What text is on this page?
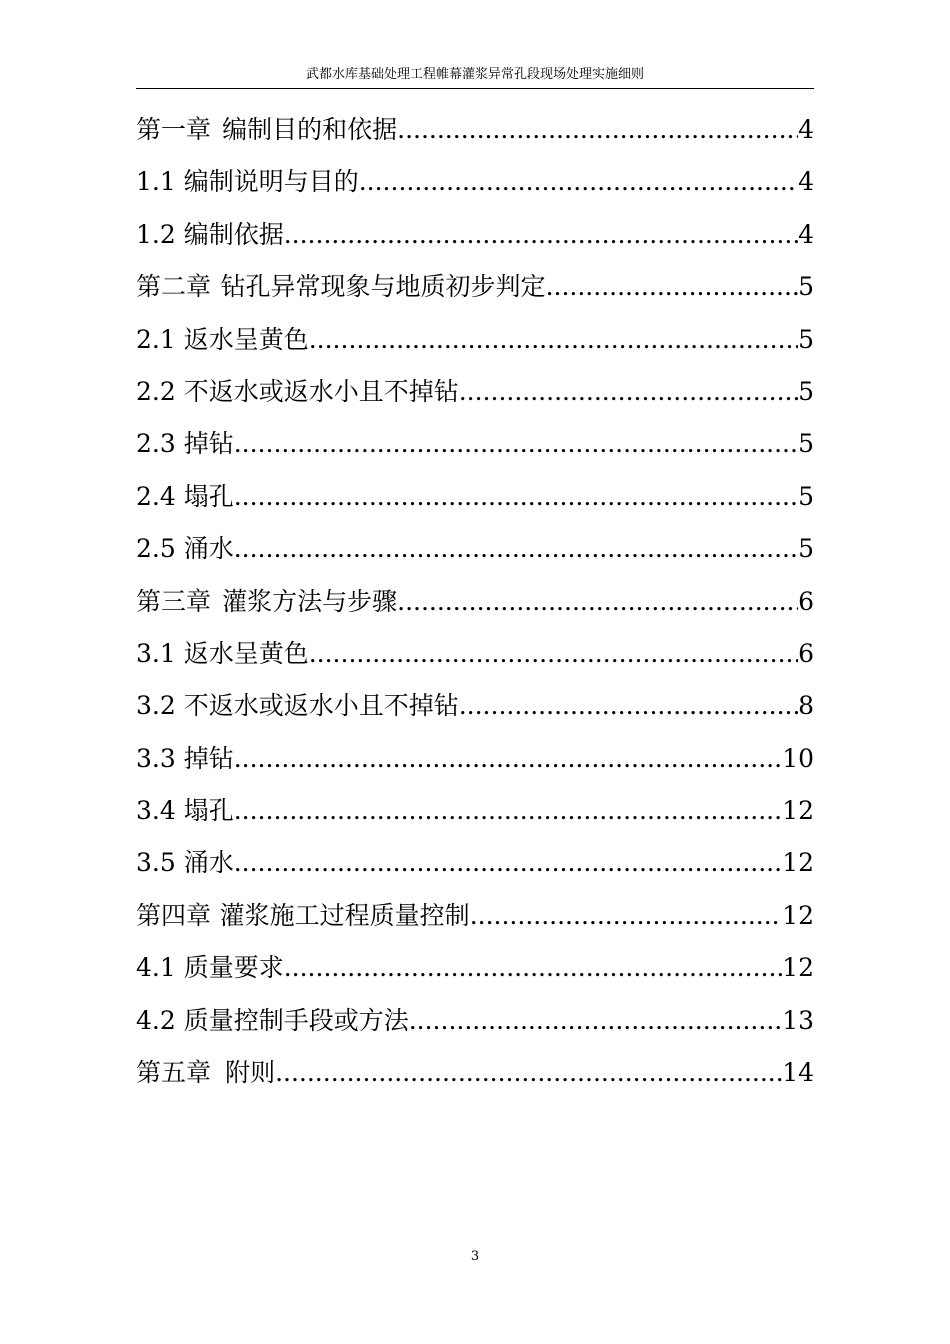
武都水库基础处理工程帷幕灌浆异常孔段现场处理实施细则
第一章 编制目的和依据 .....	4
1.1 编制说明与目的 .....	4
1.2 编制依据 .....	4
第二章 钻孔异常现象与地质初步判定 .....	5
2.1 返水呈黄色 .....	5
2.2 不返水或返水小且不掉钻 .....	5
2.3 掉钻 .....	5
2.4 塌孔 .....	5
2.5 涌水 .....	5
第三章 灌浆方法与步骤 .....	6
3.1 返水呈黄色 .....	6
3.2 不返水或返水小且不掉钻 .....	8
3.3 掉钻 .....	10
3.4 塌孔 .....	12
3.5 涌水 .....	12
第四章 灌浆施工过程质量控制 .....	12
4.1 质量要求 .....	12
4.2 质量控制手段或方法 .....	13
第五章 附则 .....	14
3
